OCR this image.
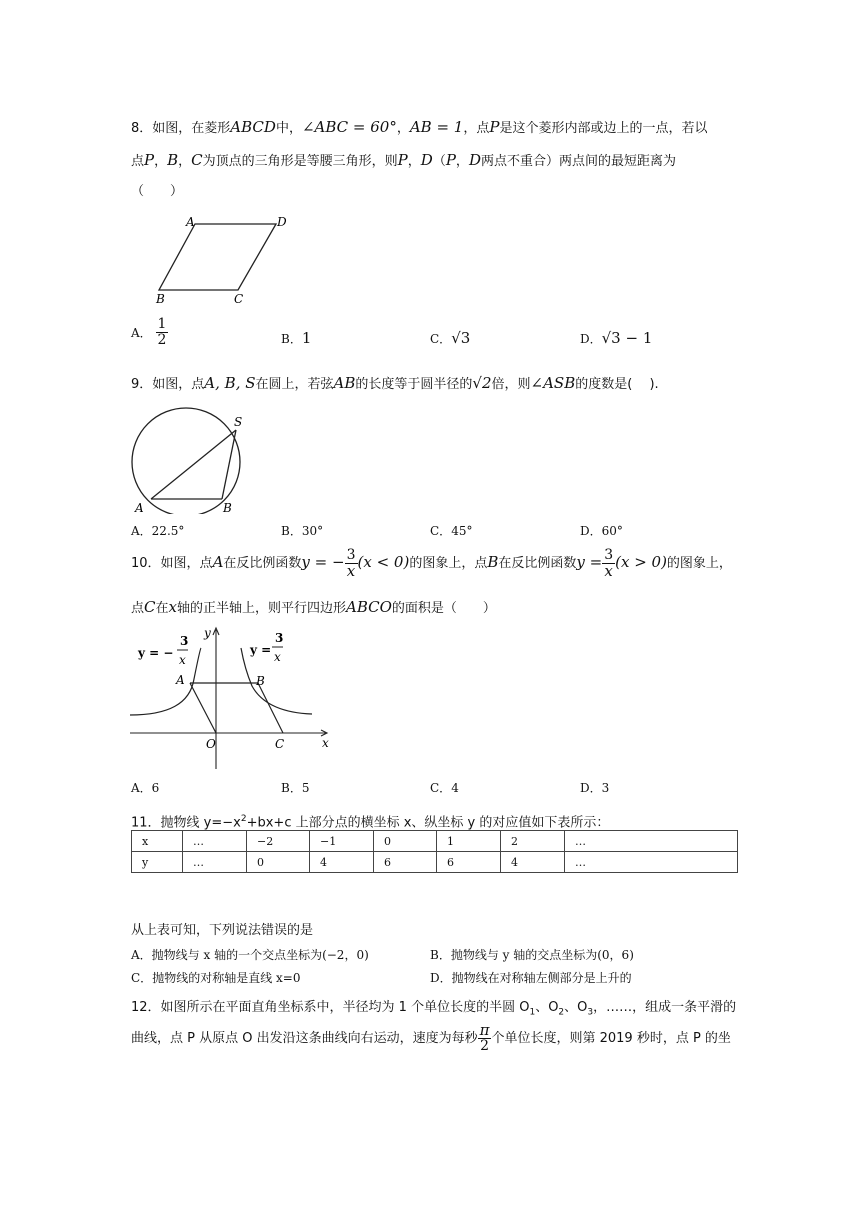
8．如图，在菱形ABCD中，∠ABC = 60°，AB = 1，点P是这个菱形内部或边上的一点，若以
点P，B，C为顶点的三角形是等腰三角形，则P，D（P，D两点不重合）两点间的最短距离为
（　　）
A	D
B	C
A． $\frac{1}{2}$	B．1	C．√3	D．√3 − 1
9．如图，点A, B, S在圆上，若弦AB的长度等于圆半径的√2倍，则∠ASB的度数是(　 ).
S
A	B
A．22.5°	B．30°	C．45°	D．60°
10．如图，点A在反比例函数y = − $\frac{3}{x} (x < 0)$的图象上，点B在反比例函数$y = \frac{3}{x} (x > 0)$的图象上，
点C在x轴的正半轴上，则平行四边形ABCO的面积是（　　）
y = −
3
x
y =
3
x
y
x
A	B
O	C
A．6	B．5	C．4	D．3
11．抛物线 $y=-x^2+bx+c$ 上部分点的横坐标 x、纵坐标 y 的对应值如下表所示：
x	…	−2	−1	0	1	2	…
y	…	0	4	6	6	4	…
从上表可知，下列说法错误的是
A．抛物线与 x 轴的一个交点坐标为(−2，0)	B．抛物线与 y 轴的交点坐标为(0，6)
C．抛物线的对称轴是直线 x=0	D．抛物线在对称轴左侧部分是上升的
12．如图所示在平面直角坐标系中，半径均为 1 个单位长度的半圆 $O_1$、$O_2$、$O_3$，……，组成一条平滑的
曲线，点 P 从原点 O 出发沿这条曲线向右运动，速度为每秒 $\frac{\pi}{2}$ 个单位长度，则第 2019 秒时，点 P 的坐
